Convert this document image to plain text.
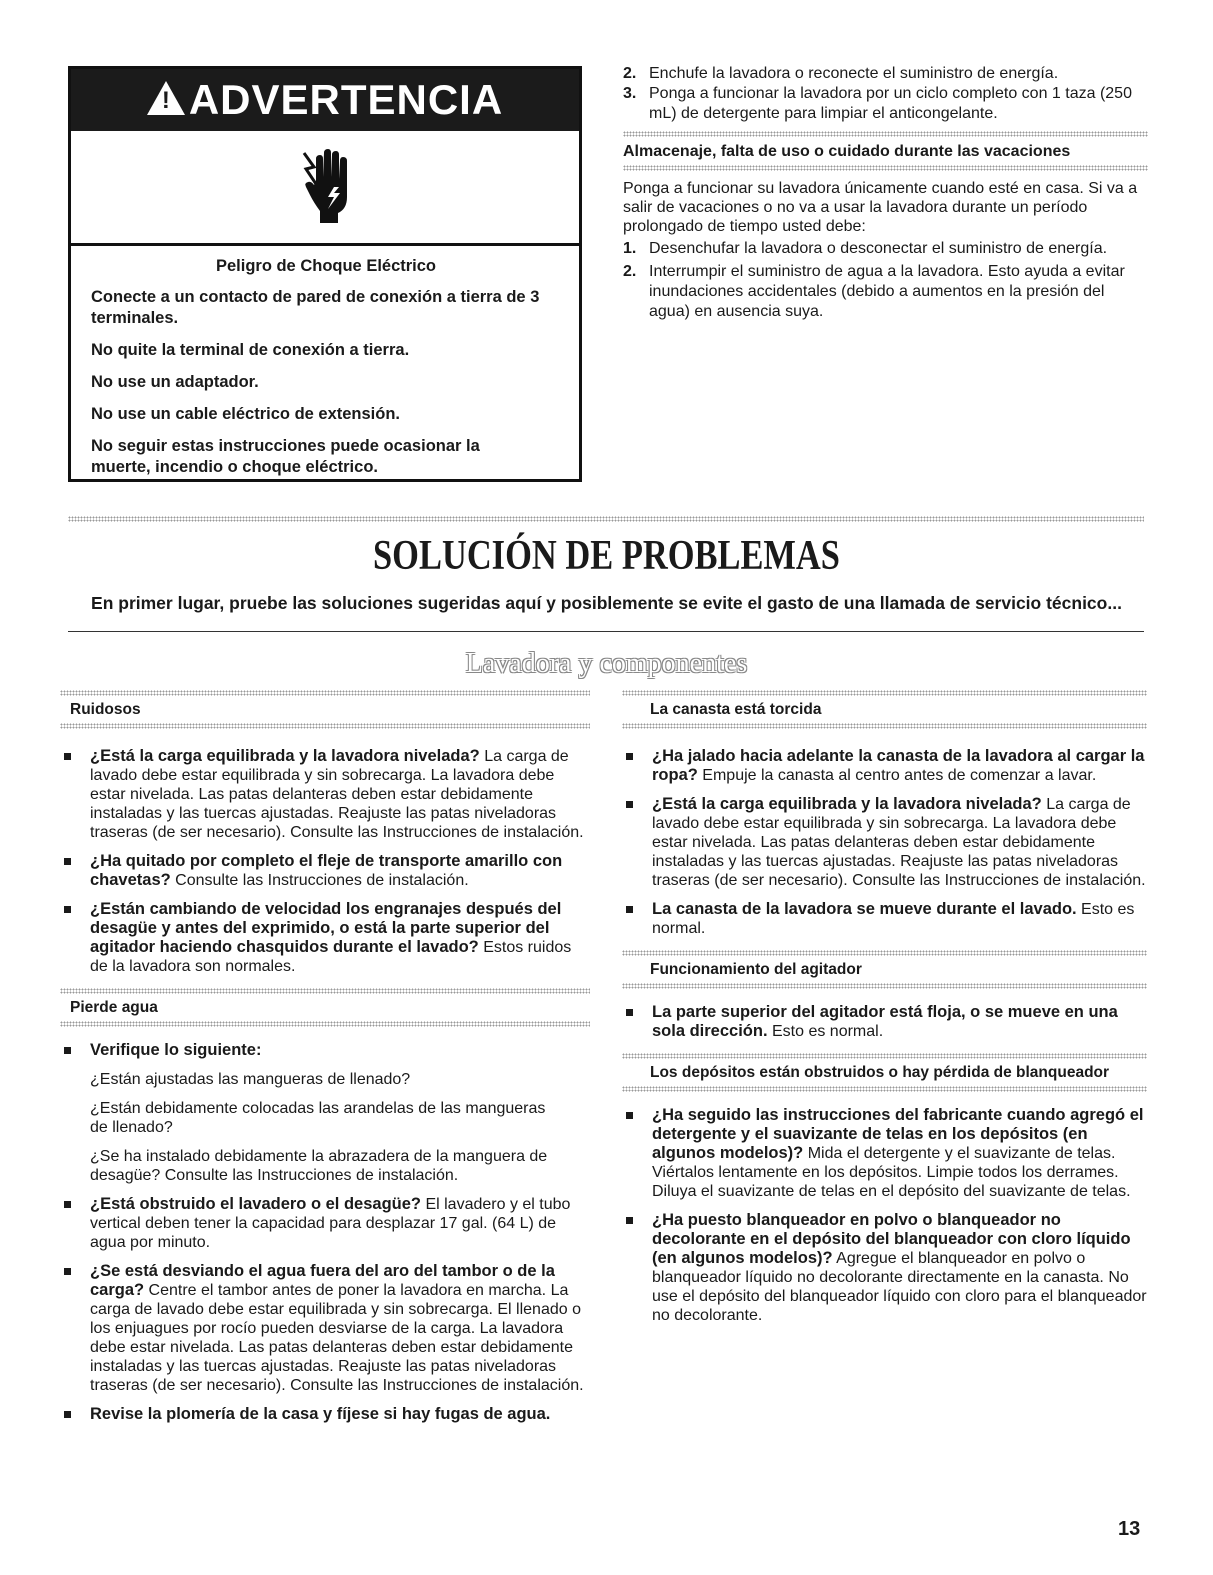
! ADVERTENCIA

Peligro de Choque Eléctrico

Conecte a un contacto de pared de conexión a tierra de 3 terminales.

No quite la terminal de conexión a tierra.

No use un adaptador.

No use un cable eléctrico de extensión.

No seguir estas instrucciones puede ocasionar la muerte, incendio o choque eléctrico.

2. Enchufe la lavadora o reconecte el suministro de energía.
3. Ponga a funcionar la lavadora por un ciclo completo con 1 taza (250 mL) de detergente para limpiar el anticongelante.
Almacenaje, falta de uso o cuidado durante las vacaciones
Ponga a funcionar su lavadora únicamente cuando esté en casa. Si va a salir de vacaciones o no va a usar la lavadora durante un período prolongado de tiempo usted debe:
1. Desenchufar la lavadora o desconectar el suministro de energía.
2. Interrumpir el suministro de agua a la lavadora. Esto ayuda a evitar inundaciones accidentales (debido a aumentos en la presión del agua) en ausencia suya.
SOLUCIÓN DE PROBLEMAS
En primer lugar, pruebe las soluciones sugeridas aquí y posiblemente se evite el gasto de una llamada de servicio técnico...
Lavadora y componentes
Ruidosos

¿Está la carga equilibrada y la lavadora nivelada? La carga de lavado debe estar equilibrada y sin sobrecarga. La lavadora debe estar nivelada. Las patas delanteras deben estar debidamente instaladas y las tuercas ajustadas. Reajuste las patas niveladoras traseras (de ser necesario). Consulte las Instrucciones de instalación.

¿Ha quitado por completo el fleje de transporte amarillo con chavetas? Consulte las Instrucciones de instalación.

¿Están cambiando de velocidad los engranajes después del desagüe y antes del exprimido, o está la parte superior del agitador haciendo chasquidos durante el lavado? Estos ruidos de la lavadora son normales.

Pierde agua

Verifique lo siguiente:

¿Están ajustadas las mangueras de llenado?

¿Están debidamente colocadas las arandelas de las mangueras de llenado?

¿Se ha instalado debidamente la abrazadera de la manguera de desagüe? Consulte las Instrucciones de instalación.

¿Está obstruido el lavadero o el desagüe? El lavadero y el tubo vertical deben tener la capacidad para desplazar 17 gal. (64 L) de agua por minuto.

¿Se está desviando el agua fuera del aro del tambor o de la carga? Centre el tambor antes de poner la lavadora en marcha. La carga de lavado debe estar equilibrada y sin sobrecarga. El llenado o los enjuagues por rocío pueden desviarse de la carga. La lavadora debe estar nivelada. Las patas delanteras deben estar debidamente instaladas y las tuercas ajustadas. Reajuste las patas niveladoras traseras (de ser necesario). Consulte las Instrucciones de instalación.

Revise la plomería de la casa y fíjese si hay fugas de agua.

La canasta está torcida

¿Ha jalado hacia adelante la canasta de la lavadora al cargar la ropa? Empuje la canasta al centro antes de comenzar a lavar.

¿Está la carga equilibrada y la lavadora nivelada? La carga de lavado debe estar equilibrada y sin sobrecarga. La lavadora debe estar nivelada. Las patas delanteras deben estar debidamente instaladas y las tuercas ajustadas. Reajuste las patas niveladoras traseras (de ser necesario). Consulte las Instrucciones de instalación.

La canasta de la lavadora se mueve durante el lavado. Esto es normal.

Funcionamiento del agitador

La parte superior del agitador está floja, o se mueve en una sola dirección. Esto es normal.

Los depósitos están obstruidos o hay pérdida de blanqueador

¿Ha seguido las instrucciones del fabricante cuando agregó el detergente y el suavizante de telas en los depósitos (en algunos modelos)? Mida el detergente y el suavizante de telas. Viértalos lentamente en los depósitos. Limpie todos los derrames. Diluya el suavizante de telas en el depósito del suavizante de telas.

¿Ha puesto blanqueador en polvo o blanqueador no decolorante en el depósito del blanqueador con cloro líquido (en algunos modelos)? Agregue el blanqueador en polvo o blanqueador líquido no decolorante directamente en la canasta. No use el depósito del blanqueador líquido con cloro para el blanqueador no decolorante.

13
